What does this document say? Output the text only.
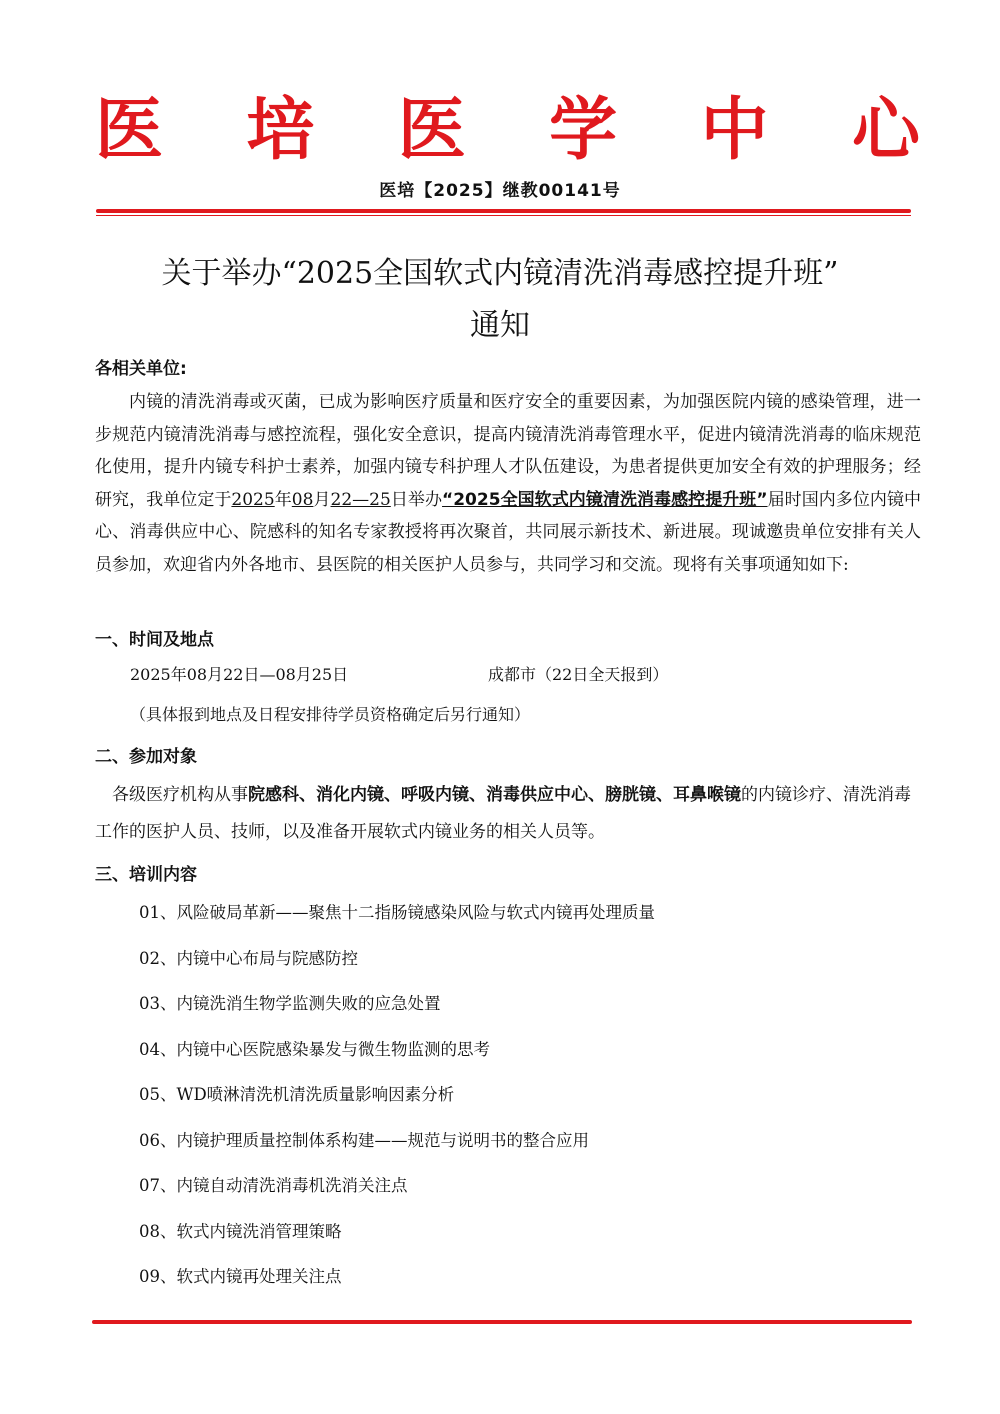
医 培 医 学 中 心
医培【2025】继教00141号
关于举办“2025全国软式内镜清洗消毒感控提升班”
通知
各相关单位:
内镜的清洗消毒或灭菌，已成为影响医疗质量和医疗安全的重要因素，为加强医院内镜的感染管理，进一步规范内镜清洗消毒与感控流程，强化安全意识，提高内镜清洗消毒管理水平，促进内镜清洗消毒的临床规范化使用，提升内镜专科护士素养，加强内镜专科护理人才队伍建设，为患者提供更加安全有效的护理服务；经研究，我单位定于2025年08月22—25日举办“2025全国软式内镜清洗消毒感控提升班”届时国内多位内镜中心、消毒供应中心、院感科的知名专家教授将再次聚首，共同展示新技术、新进展。现诚邀贵单位安排有关人员参加，欢迎省内外各地市、县医院的相关医护人员参与，共同学习和交流。现将有关事项通知如下:
一、时间及地点
2025年08月22日—08月25日	成都市（22日全天报到）
（具体报到地点及日程安排待学员资格确定后另行通知）
二、参加对象
各级医疗机构从事院感科、消化内镜、呼吸内镜、消毒供应中心、膀胱镜、耳鼻喉镜的内镜诊疗、清洗消毒工作的医护人员、技师，以及准备开展软式内镜业务的相关人员等。
三、培训内容
01、风险破局革新——聚焦十二指肠镜感染风险与软式内镜再处理质量
02、内镜中心布局与院感防控
03、内镜洗消生物学监测失败的应急处置
04、内镜中心医院感染暴发与微生物监测的思考
05、WD喷淋清洗机清洗质量影响因素分析
06、内镜护理质量控制体系构建——规范与说明书的整合应用
07、内镜自动清洗消毒机洗消关注点
08、软式内镜洗消管理策略
09、软式内镜再处理关注点
